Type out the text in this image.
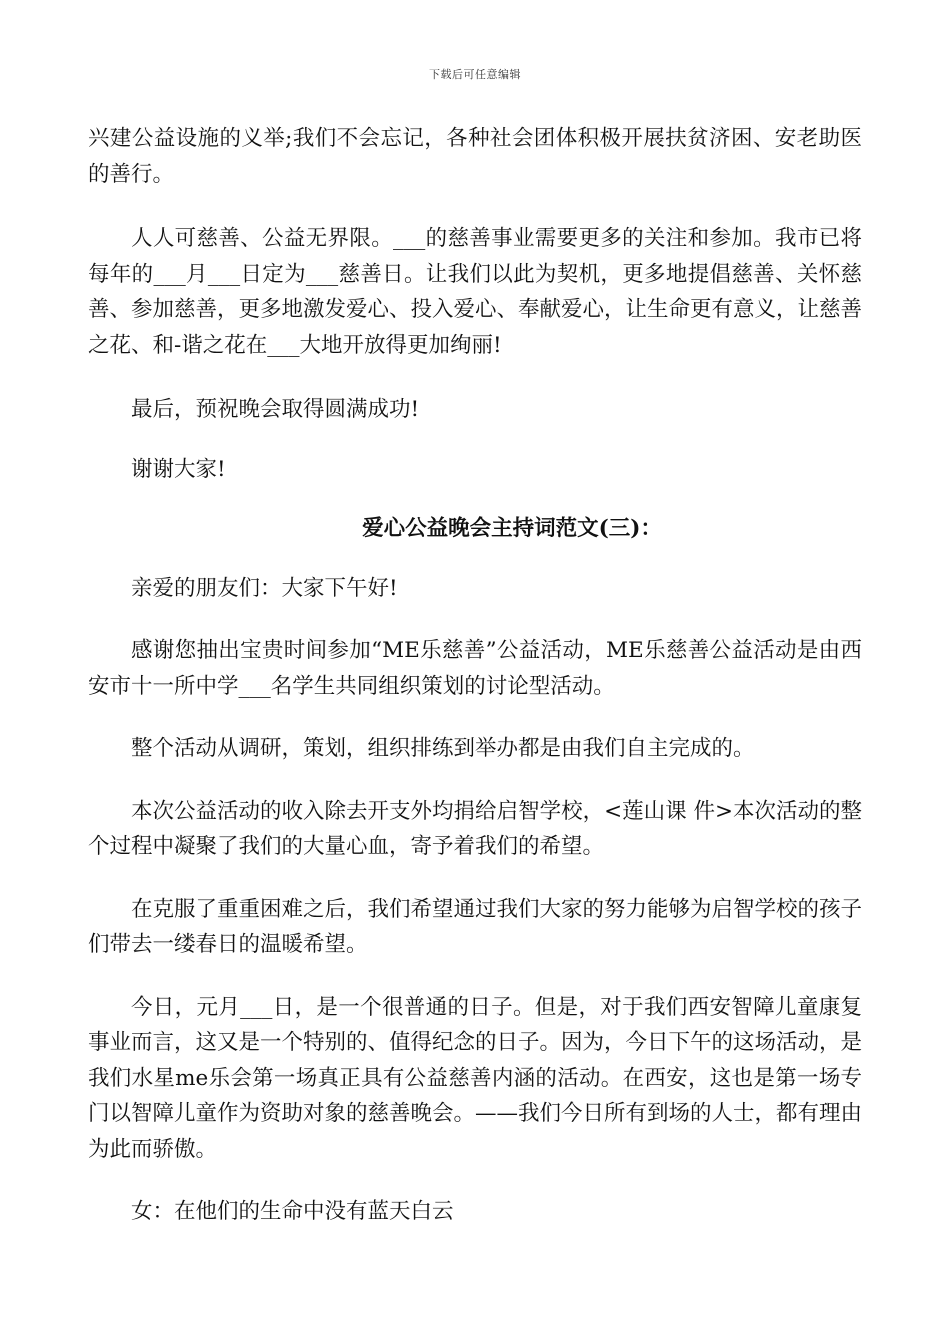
下载后可任意编辑

兴建公益设施的义举;我们不会忘记，各种社会团体积极开展扶贫济困、安老助医的善行。

人人可慈善、公益无界限。___的慈善事业需要更多的关注和参加。我市已将每年的___月___日定为___慈善日。让我们以此为契机，更多地提倡慈善、关怀慈善、参加慈善，更多地激发爱心、投入爱心、奉献爱心，让生命更有意义，让慈善之花、和-谐之花在___大地开放得更加绚丽!

最后，预祝晚会取得圆满成功!

谢谢大家!

爱心公益晚会主持词范文(三)：

亲爱的朋友们：大家下午好!

感谢您抽出宝贵时间参加“ME乐慈善”公益活动，ME乐慈善公益活动是由西安市十一所中学___名学生共同组织策划的讨论型活动。

整个活动从调研，策划，组织排练到举办都是由我们自主完成的。

本次公益活动的收入除去开支外均捐给启智学校，<莲山课 件>本次活动的整个过程中凝聚了我们的大量心血，寄予着我们的希望。

在克服了重重困难之后，我们希望通过我们大家的努力能够为启智学校的孩子们带去一缕春日的温暖希望。

今日，元月___日，是一个很普通的日子。但是，对于我们西安智障儿童康复事业而言，这又是一个特别的、值得纪念的日子。因为，今日下午的这场活动，是我们水星me乐会第一场真正具有公益慈善内涵的活动。在西安，这也是第一场专门以智障儿童作为资助对象的慈善晚会。——我们今日所有到场的人士，都有理由为此而骄傲。

女：在他们的生命中没有蓝天白云
